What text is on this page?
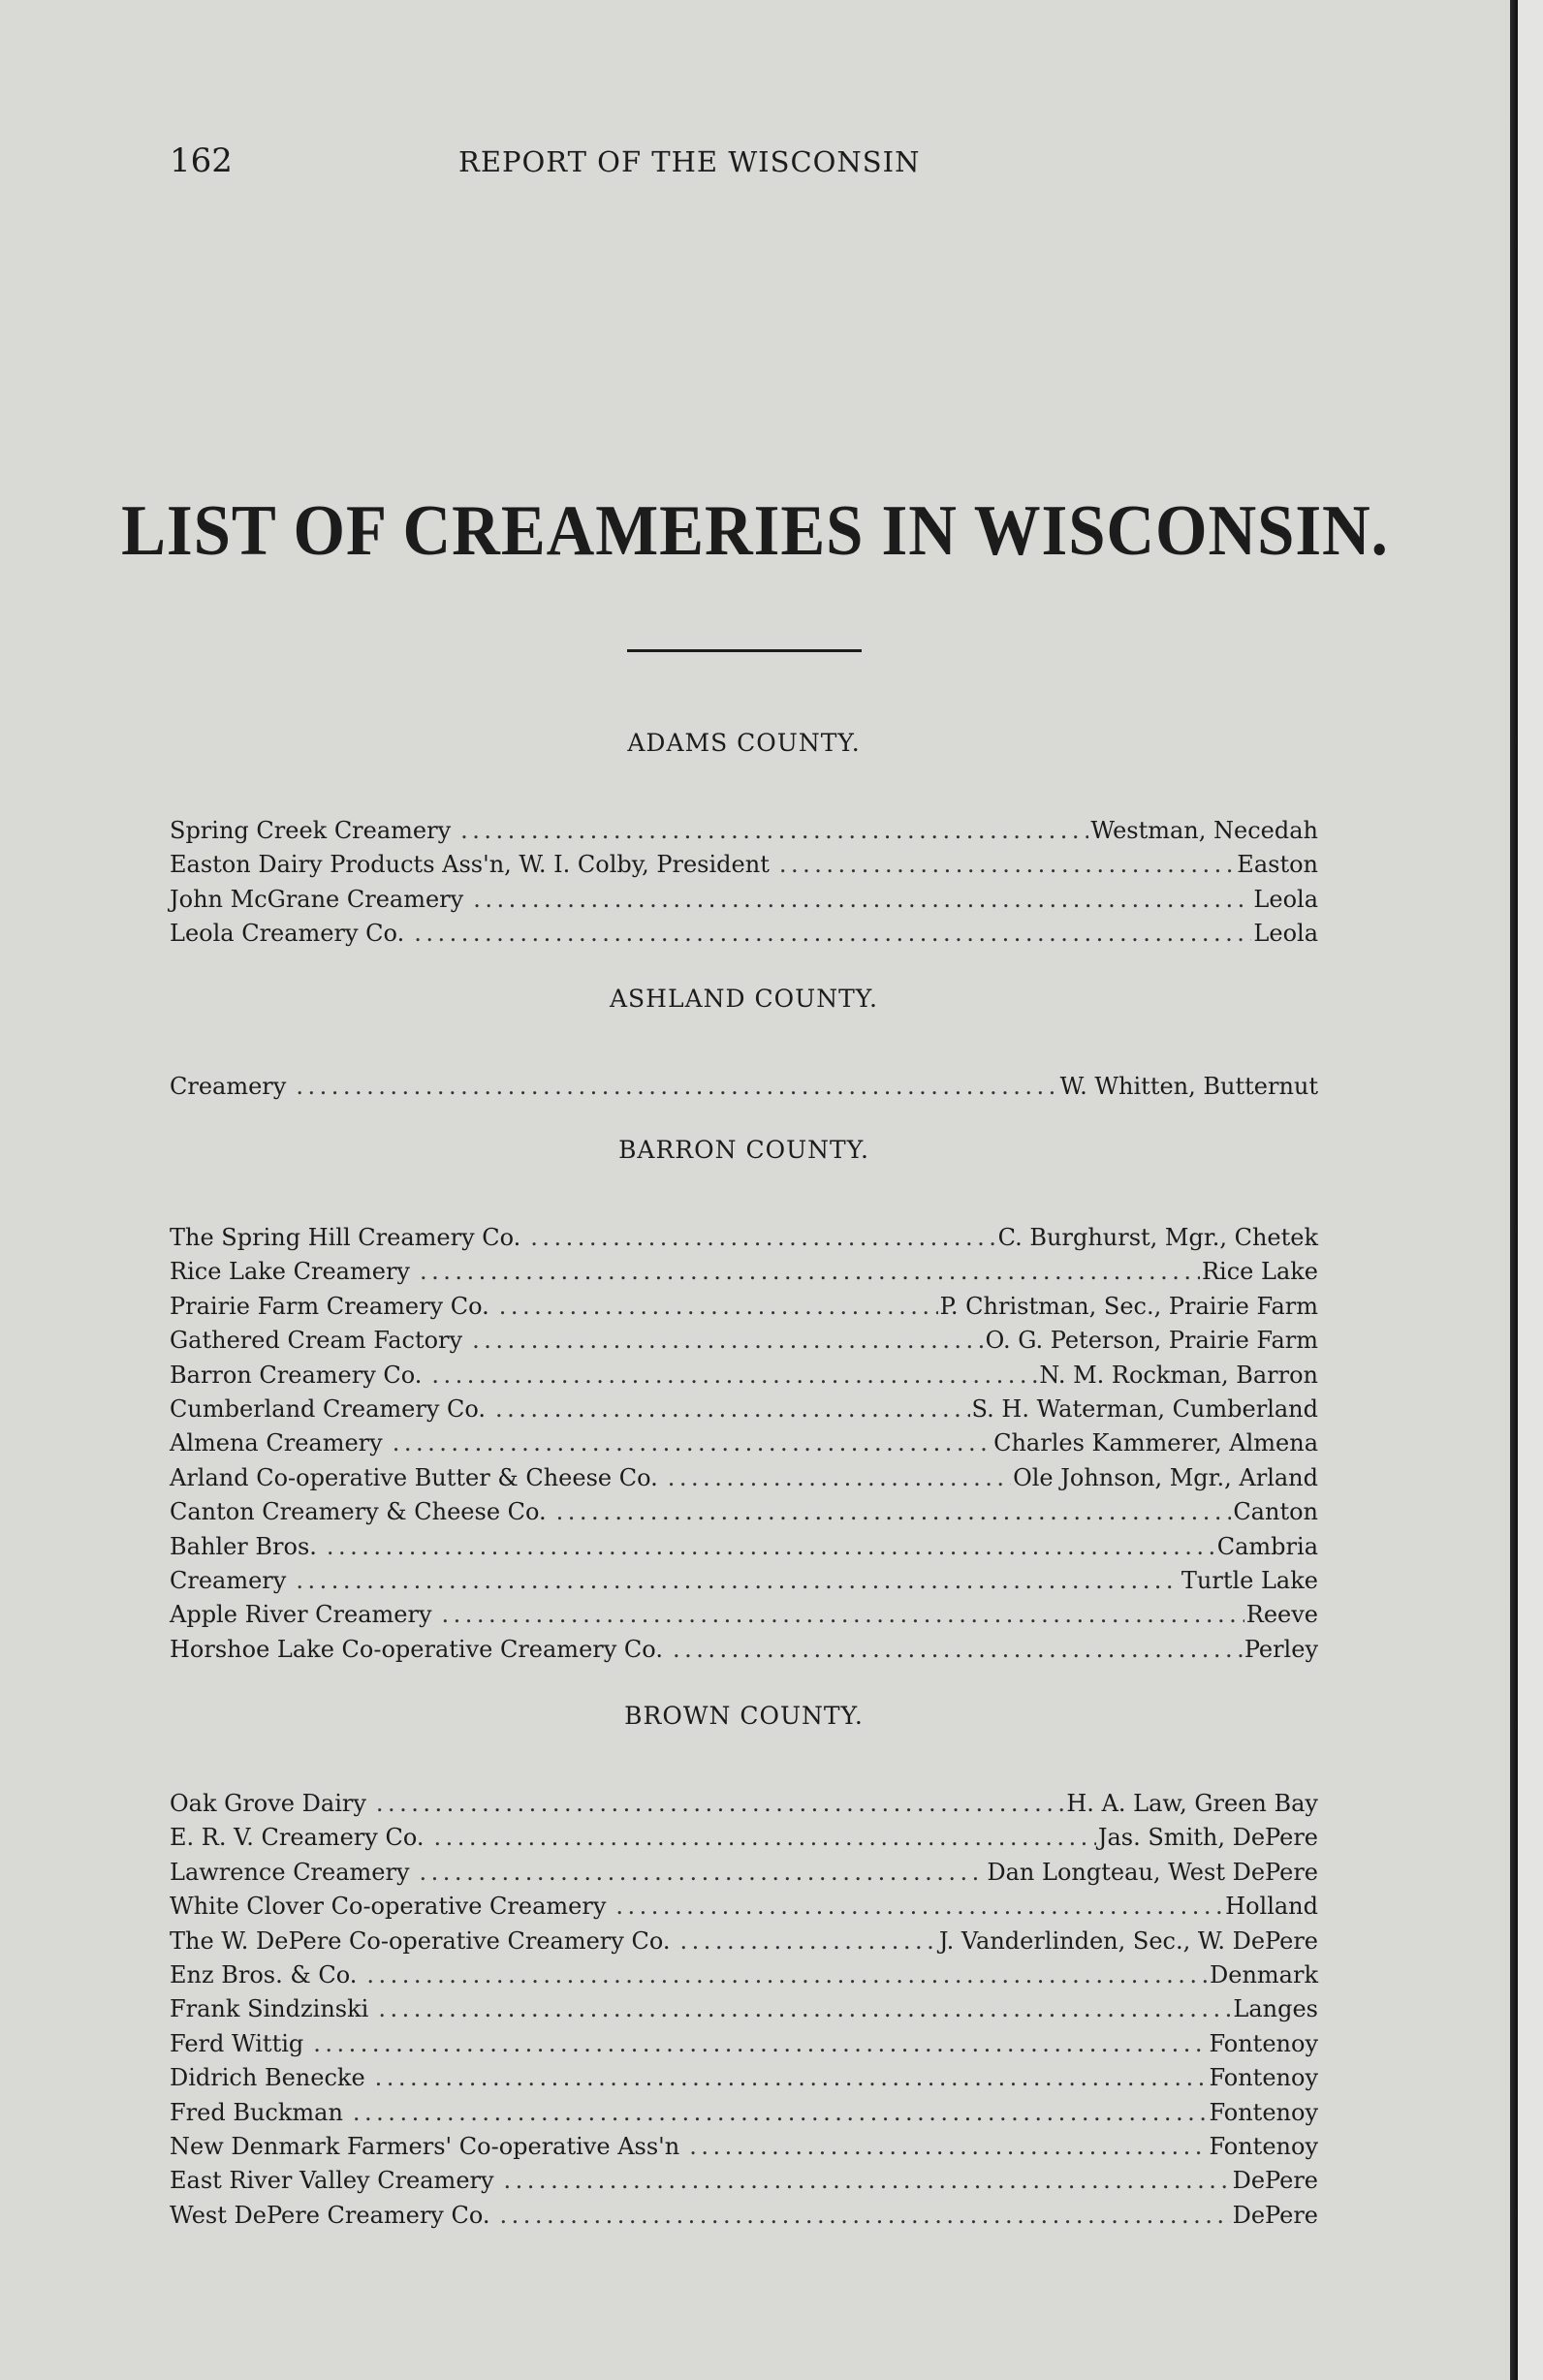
162	REPORT OF THE WISCONSIN
LIST OF CREAMERIES IN WISCONSIN.
ADAMS COUNTY.
Spring Creek Creamery .....	Westman, Necedah
Easton Dairy Products Ass'n, W. I. Colby, President .....	Easton
John McGrane Creamery .....	Leola
Leola Creamery Co. .....	Leola
ASHLAND COUNTY.
Creamery .....	W. Whitten, Butternut
BARRON COUNTY.
The Spring Hill Creamery Co. .....	C. Burghurst, Mgr., Chetek
Rice Lake Creamery .....	Rice Lake
Prairie Farm Creamery Co. .....	P. Christman, Sec., Prairie Farm
Gathered Cream Factory .....	O. G. Peterson, Prairie Farm
Barron Creamery Co. .....	N. M. Rockman, Barron
Cumberland Creamery Co. .....	S. H. Waterman, Cumberland
Almena Creamery .....	Charles Kammerer, Almena
Arland Co-operative Butter & Cheese Co. .....	Ole Johnson, Mgr., Arland
Canton Creamery & Cheese Co. .....	Canton
Bahler Bros. .....	Cambria
Creamery .....	Turtle Lake
Apple River Creamery .....	Reeve
Horshoe Lake Co-operative Creamery Co. .....	Perley
BROWN COUNTY.
Oak Grove Dairy .....	H. A. Law, Green Bay
E. R. V. Creamery Co. .....	Jas. Smith, DePere
Lawrence Creamery .....	Dan Longteau, West DePere
White Clover Co-operative Creamery .....	Holland
The W. DePere Co-operative Creamery Co. .....	J. Vanderlinden, Sec., W. DePere
Enz Bros. & Co. .....	Denmark
Frank Sindzinski .....	Langes
Ferd Wittig .....	Fontenoy
Didrich Benecke .....	Fontenoy
Fred Buckman .....	Fontenoy
New Denmark Farmers' Co-operative Ass'n .....	Fontenoy
East River Valley Creamery .....	DePere
West DePere Creamery Co. .....	DePere
